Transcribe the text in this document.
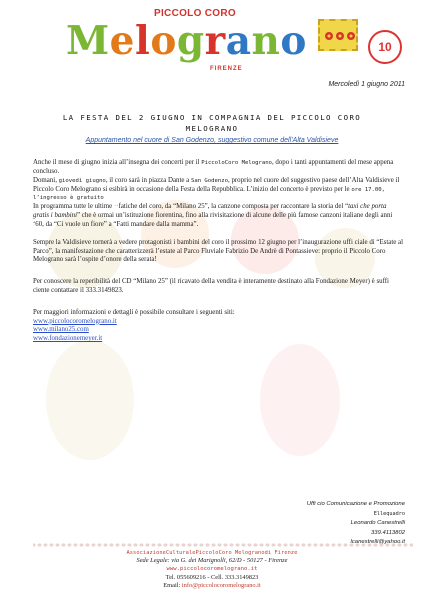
PICCOLO CORO
Melograno
FIRENZE
10
Mercoledì 1 giugno 2011
LA FESTA DEL 2 GIUGNO IN COMPAGNIA DEL PICCOLO CORO
MELOGRANO
Appuntamento nel cuore di San Godenzo, suggestivo comune dell’Alta Valdisieve
Anche il mese di giugno inizia all’insegna dei concerti per il PiccoloCoro Melograno, dopo i tanti appuntamenti del mese appena concluso.
Domani, giovedì giugno, il coro sarà in piazza Dante a San Godenzo, proprio nel cuore del suggestivo paese dell’Alta Valdisieve il Piccolo Coro Melograno si esibirà in occasione della Festa della Repubblica. L’inizio del concerto è previsto per le ore 17.00, l’ingresso è gratuito
In programma tutte le ultime ··fatiche del coro, da “Milano 25”, la canzone composta per raccontare la storia del “taxi che porta gratis i bambini” che è ormai un’istituzione fiorentina, fino alla rivisitazione di alcune delle più famose canzoni italiane degli anni ‘60, da “Ci vuole un fiore” a “Fatti mandare dalla mamma”.
Sempre la Valdisieve tornerà a vedere protagonisti i bambini del coro il prossimo 12 giugno per l’inaugurazione uffi ciale di “Estate al Parco”, la manifestazione che caratterizzerà l’estate al Parco Fluviale Fabrizio De Andrè di Pontassieve: proprio il Piccolo Coro Melograno sarà l’ospite d’onore della serata!
Per conoscere la reperibilità del CD “Milano 25” (il ricavato della vendita è interamente destinato alla Fondazione Meyer) è suffi ciente contattare il 333.3149823.
Per maggiori informazioni e dettagli è possibile consultare i seguenti siti:
www.piccolocoromelograno.it
www.milano25.com
www.fondazionemeyer.it
Uffi cio Comunicazione e Promozione
Ellequadro
Leonardo Canestrelli
339.4113802
lcanestrelli@yahoo.it
AssociazioneCulturalePiccoloCoro Melogranodi Firenze
Sede Legale: via G. dei Marignolli, 62/D - 50127 - Firenze
www.piccolocoromelograno.it
Tel. 055609216 - Cell. 333.3149823
Email: info@piccolocoromelograno.it
